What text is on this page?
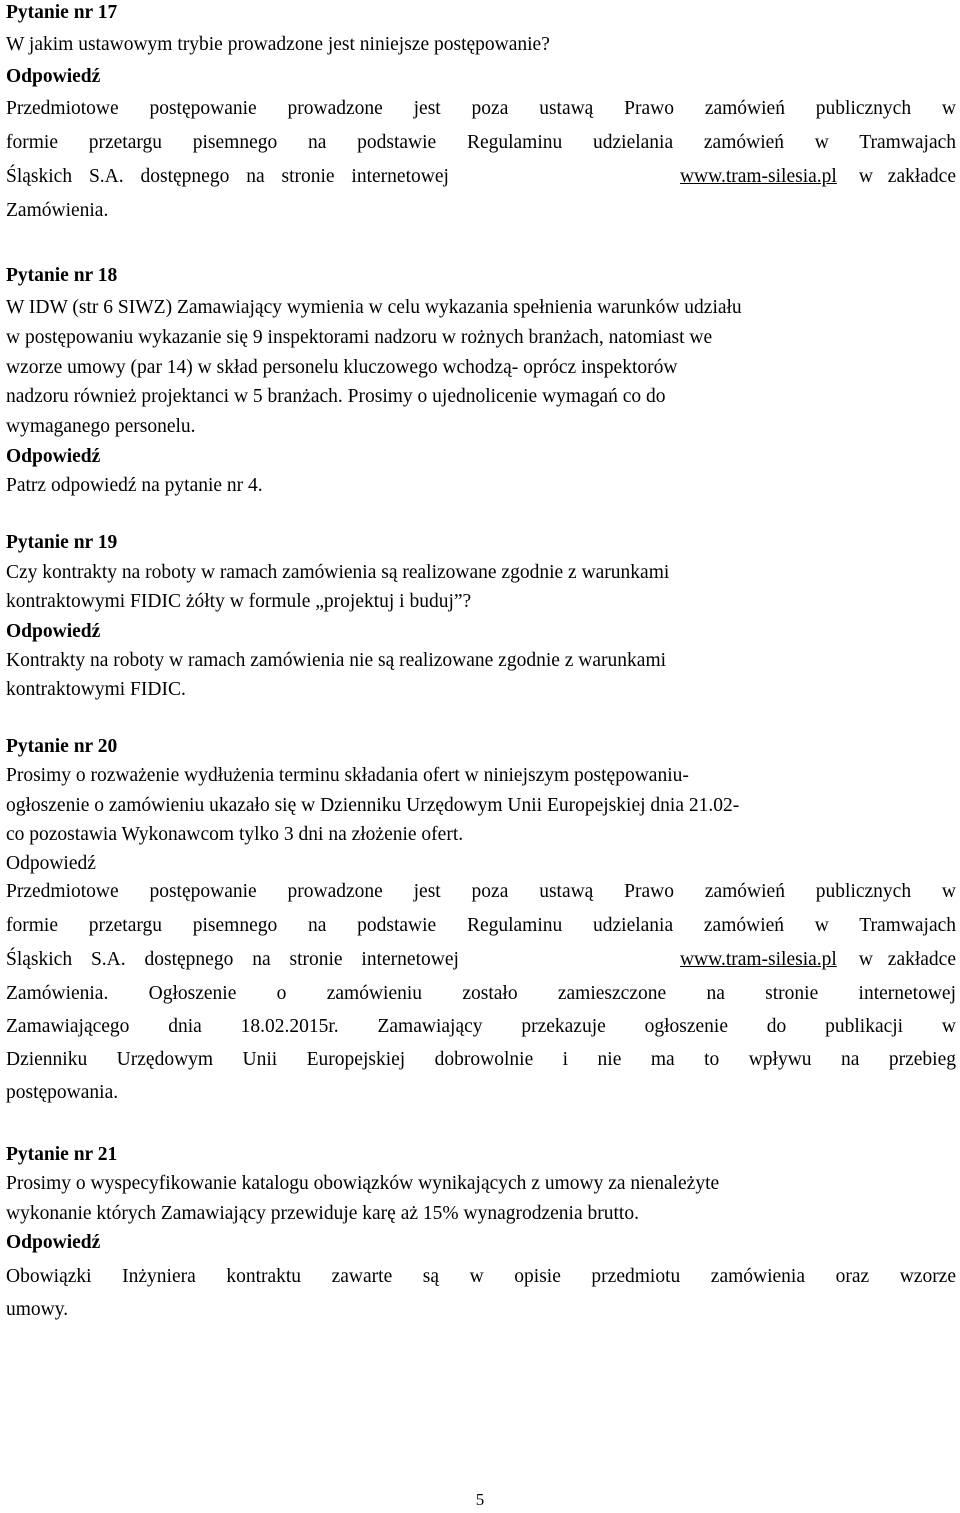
Pytanie nr 17
W jakim ustawowym trybie prowadzone jest niniejsze postępowanie?
Odpowiedź
Przedmiotowe postępowanie prowadzone jest poza ustawą Prawo zamówień publicznych w
formie przetargu pisemnego na podstawie Regulaminu udzielania zamówień w Tramwajach
Śląskich S.A. dostępnego na stronie internetowej	www.tram-silesia.pl w zakładce
Zamówienia.
Pytanie nr 18
W IDW (str 6 SIWZ) Zamawiający wymienia w celu wykazania spełnienia warunków udziału
w postępowaniu wykazanie się 9 inspektorami nadzoru w rożnych branżach, natomiast we
wzorze umowy (par 14) w skład personelu kluczowego wchodzą- oprócz inspektorów
nadzoru również projektanci w 5 branżach. Prosimy o ujednolicenie wymagań co do
wymaganego personelu.
Odpowiedź
Patrz odpowiedź na pytanie nr 4.
Pytanie nr 19
Czy kontrakty na roboty w ramach zamówienia są realizowane zgodnie z warunkami
kontraktowymi FIDIC żółty w formule „projektuj i buduj”?
Odpowiedź
Kontrakty na roboty w ramach zamówienia nie są realizowane zgodnie z warunkami
kontraktowymi FIDIC.
Pytanie nr 20
Prosimy o rozważenie wydłużenia terminu składania ofert w niniejszym postępowaniu-
ogłoszenie o zamówieniu ukazało się w Dzienniku Urzędowym Unii Europejskiej dnia 21.02-
co pozostawia Wykonawcom tylko 3 dni na złożenie ofert.
Odpowiedź
Przedmiotowe postępowanie prowadzone jest poza ustawą Prawo zamówień publicznych w
formie przetargu pisemnego na podstawie Regulaminu udzielania zamówień w Tramwajach
Śląskich S.A. dostępnego na stronie internetowej	www.tram-silesia.pl w zakładce
Zamówienia. Ogłoszenie o zamówieniu zostało zamieszczone na stronie internetowej
Zamawiającego dnia 18.02.2015r. Zamawiający przekazuje ogłoszenie do publikacji w
Dzienniku Urzędowym Unii Europejskiej dobrowolnie i nie ma to wpływu na przebieg
postępowania.
Pytanie nr 21
Prosimy o wyspecyfikowanie katalogu obowiązków wynikających z umowy za nienależyte
wykonanie których Zamawiający przewiduje karę aż 15% wynagrodzenia brutto.
Odpowiedź
Obowiązki Inżyniera kontraktu zawarte są w opisie przedmiotu zamówienia oraz wzorze
umowy.
5
